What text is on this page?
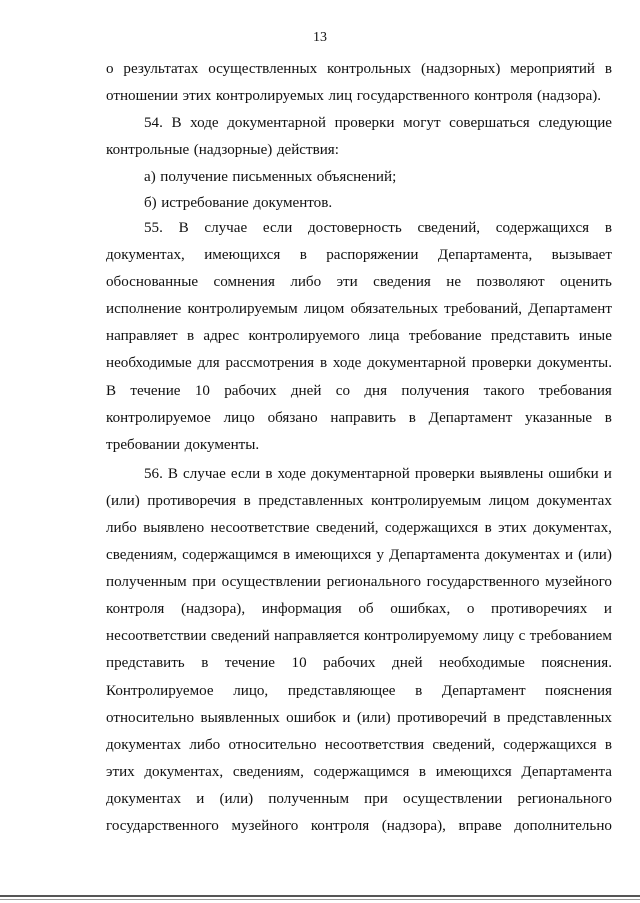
13
о результатах осуществленных контрольных (надзорных) мероприятий в
отношении этих контролируемых лиц государственного контроля (надзора).
54. В ходе документарной проверки могут совершаться следующие
контрольные (надзорные) действия:
а) получение письменных объяснений;
б) истребование документов.
55. В случае если достоверность сведений, содержащихся в
документах, имеющихся в распоряжении Департамента, вызывает
обоснованные сомнения либо эти сведения не позволяют оценить
исполнение контролируемым лицом обязательных требований, Департамент
направляет в адрес контролируемого лица требование представить иные
необходимые для рассмотрения в ходе документарной проверки документы.
В течение 10 рабочих дней со дня получения такого требования
контролируемое лицо обязано направить в Департамент указанные в
требовании документы.
56. В случае если в ходе документарной проверки выявлены ошибки и
(или) противоречия в представленных контролируемым лицом документах
либо выявлено несоответствие сведений, содержащихся в этих документах,
сведениям, содержащимся в имеющихся у Департамента документах и (или)
полученным при осуществлении регионального государственного музейного
контроля (надзора), информация об ошибках, о противоречиях и
несоответствии сведений направляется контролируемому лицу с требованием
представить в течение 10 рабочих дней необходимые пояснения.
Контролируемое лицо, представляющее в Департамент пояснения
относительно выявленных ошибок и (или) противоречий в представленных
документах либо относительно несоответствия сведений, содержащихся в
этих документах, сведениям, содержащимся в имеющихся Департамента
документах и (или) полученным при осуществлении регионального
государственного музейного контроля (надзора), вправе дополнительно
